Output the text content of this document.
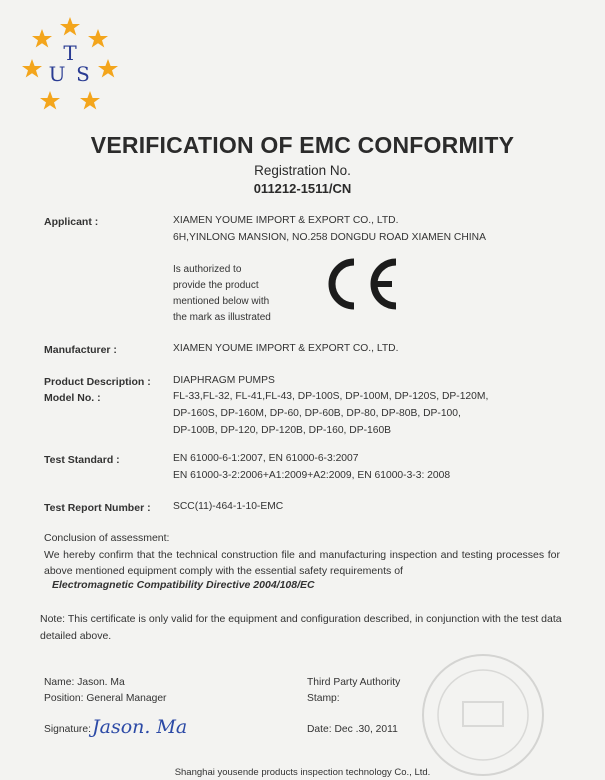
T
U S
VERIFICATION OF EMC CONFORMITY
Registration No.
011212-1511/CN
Applicant :	XIAMEN YOUME IMPORT & EXPORT CO., LTD.
6H,YINLONG MANSION, NO.258 DONGDU ROAD XIAMEN CHINA
Is authorized to
provide the product
mentioned below with
the mark as illustrated
Manufacturer :	XIAMEN YOUME IMPORT & EXPORT CO., LTD.
Product Description : DIAPHRAGM PUMPS
Model No. :	FL-33,FL-32, FL-41,FL-43, DP-100S, DP-100M, DP-120S, DP-120M,
DP-160S, DP-160M, DP-60, DP-60B, DP-80, DP-80B, DP-100,
DP-100B, DP-120, DP-120B, DP-160, DP-160B
Test Standard :	EN 61000-6-1:2007, EN 61000-6-3:2007
EN 61000-3-2:2006+A1:2009+A2:2009, EN 61000-3-3: 2008
Test Report Number : SCC(11)-464-1-10-EMC
Conclusion of assessment:
We hereby confirm that the technical construction file and manufacturing inspection and testing processes for above mentioned equipment comply with the essential safety requirements of
Electromagnetic Compatibility Directive 2004/108/EC
Note: This certificate is only valid for the equipment and configuration described, in conjunction with the test data detailed above.
Name: Jason. Ma
Position: General Manager
Signature: Jason. Ma
Third Party Authority
Stamp:
Date: Dec .30, 2011
Shanghai yousende products inspection technology Co., Ltd.
